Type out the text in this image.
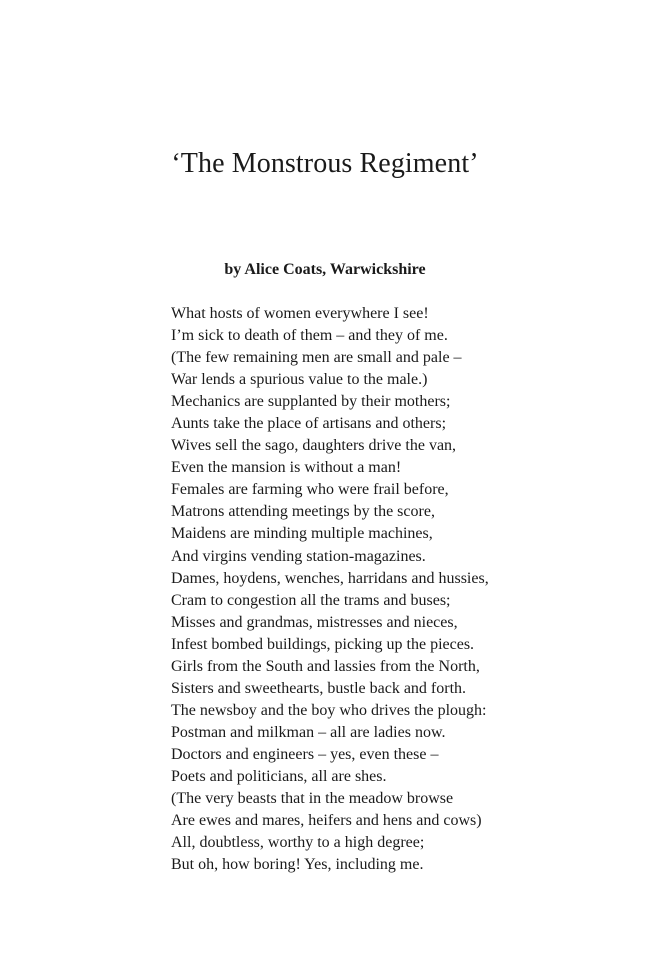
‘The Monstrous Regiment’

by Alice Coats, Warwickshire

What hosts of women everywhere I see!
I’m sick to death of them – and they of me.
(The few remaining men are small and pale –
War lends a spurious value to the male.)
Mechanics are supplanted by their mothers;
Aunts take the place of artisans and others;
Wives sell the sago, daughters drive the van,
Even the mansion is without a man!
Females are farming who were frail before,
Matrons attending meetings by the score,
Maidens are minding multiple machines,
And virgins vending station-magazines.
Dames, hoydens, wenches, harridans and hussies,
Cram to congestion all the trams and buses;
Misses and grandmas, mistresses and nieces,
Infest bombed buildings, picking up the pieces.
Girls from the South and lassies from the North,
Sisters and sweethearts, bustle back and forth.
The newsboy and the boy who drives the plough:
Postman and milkman – all are ladies now.
Doctors and engineers – yes, even these –
Poets and politicians, all are shes.
(The very beasts that in the meadow browse
Are ewes and mares, heifers and hens and cows)
All, doubtless, worthy to a high degree;
But oh, how boring! Yes, including me.
